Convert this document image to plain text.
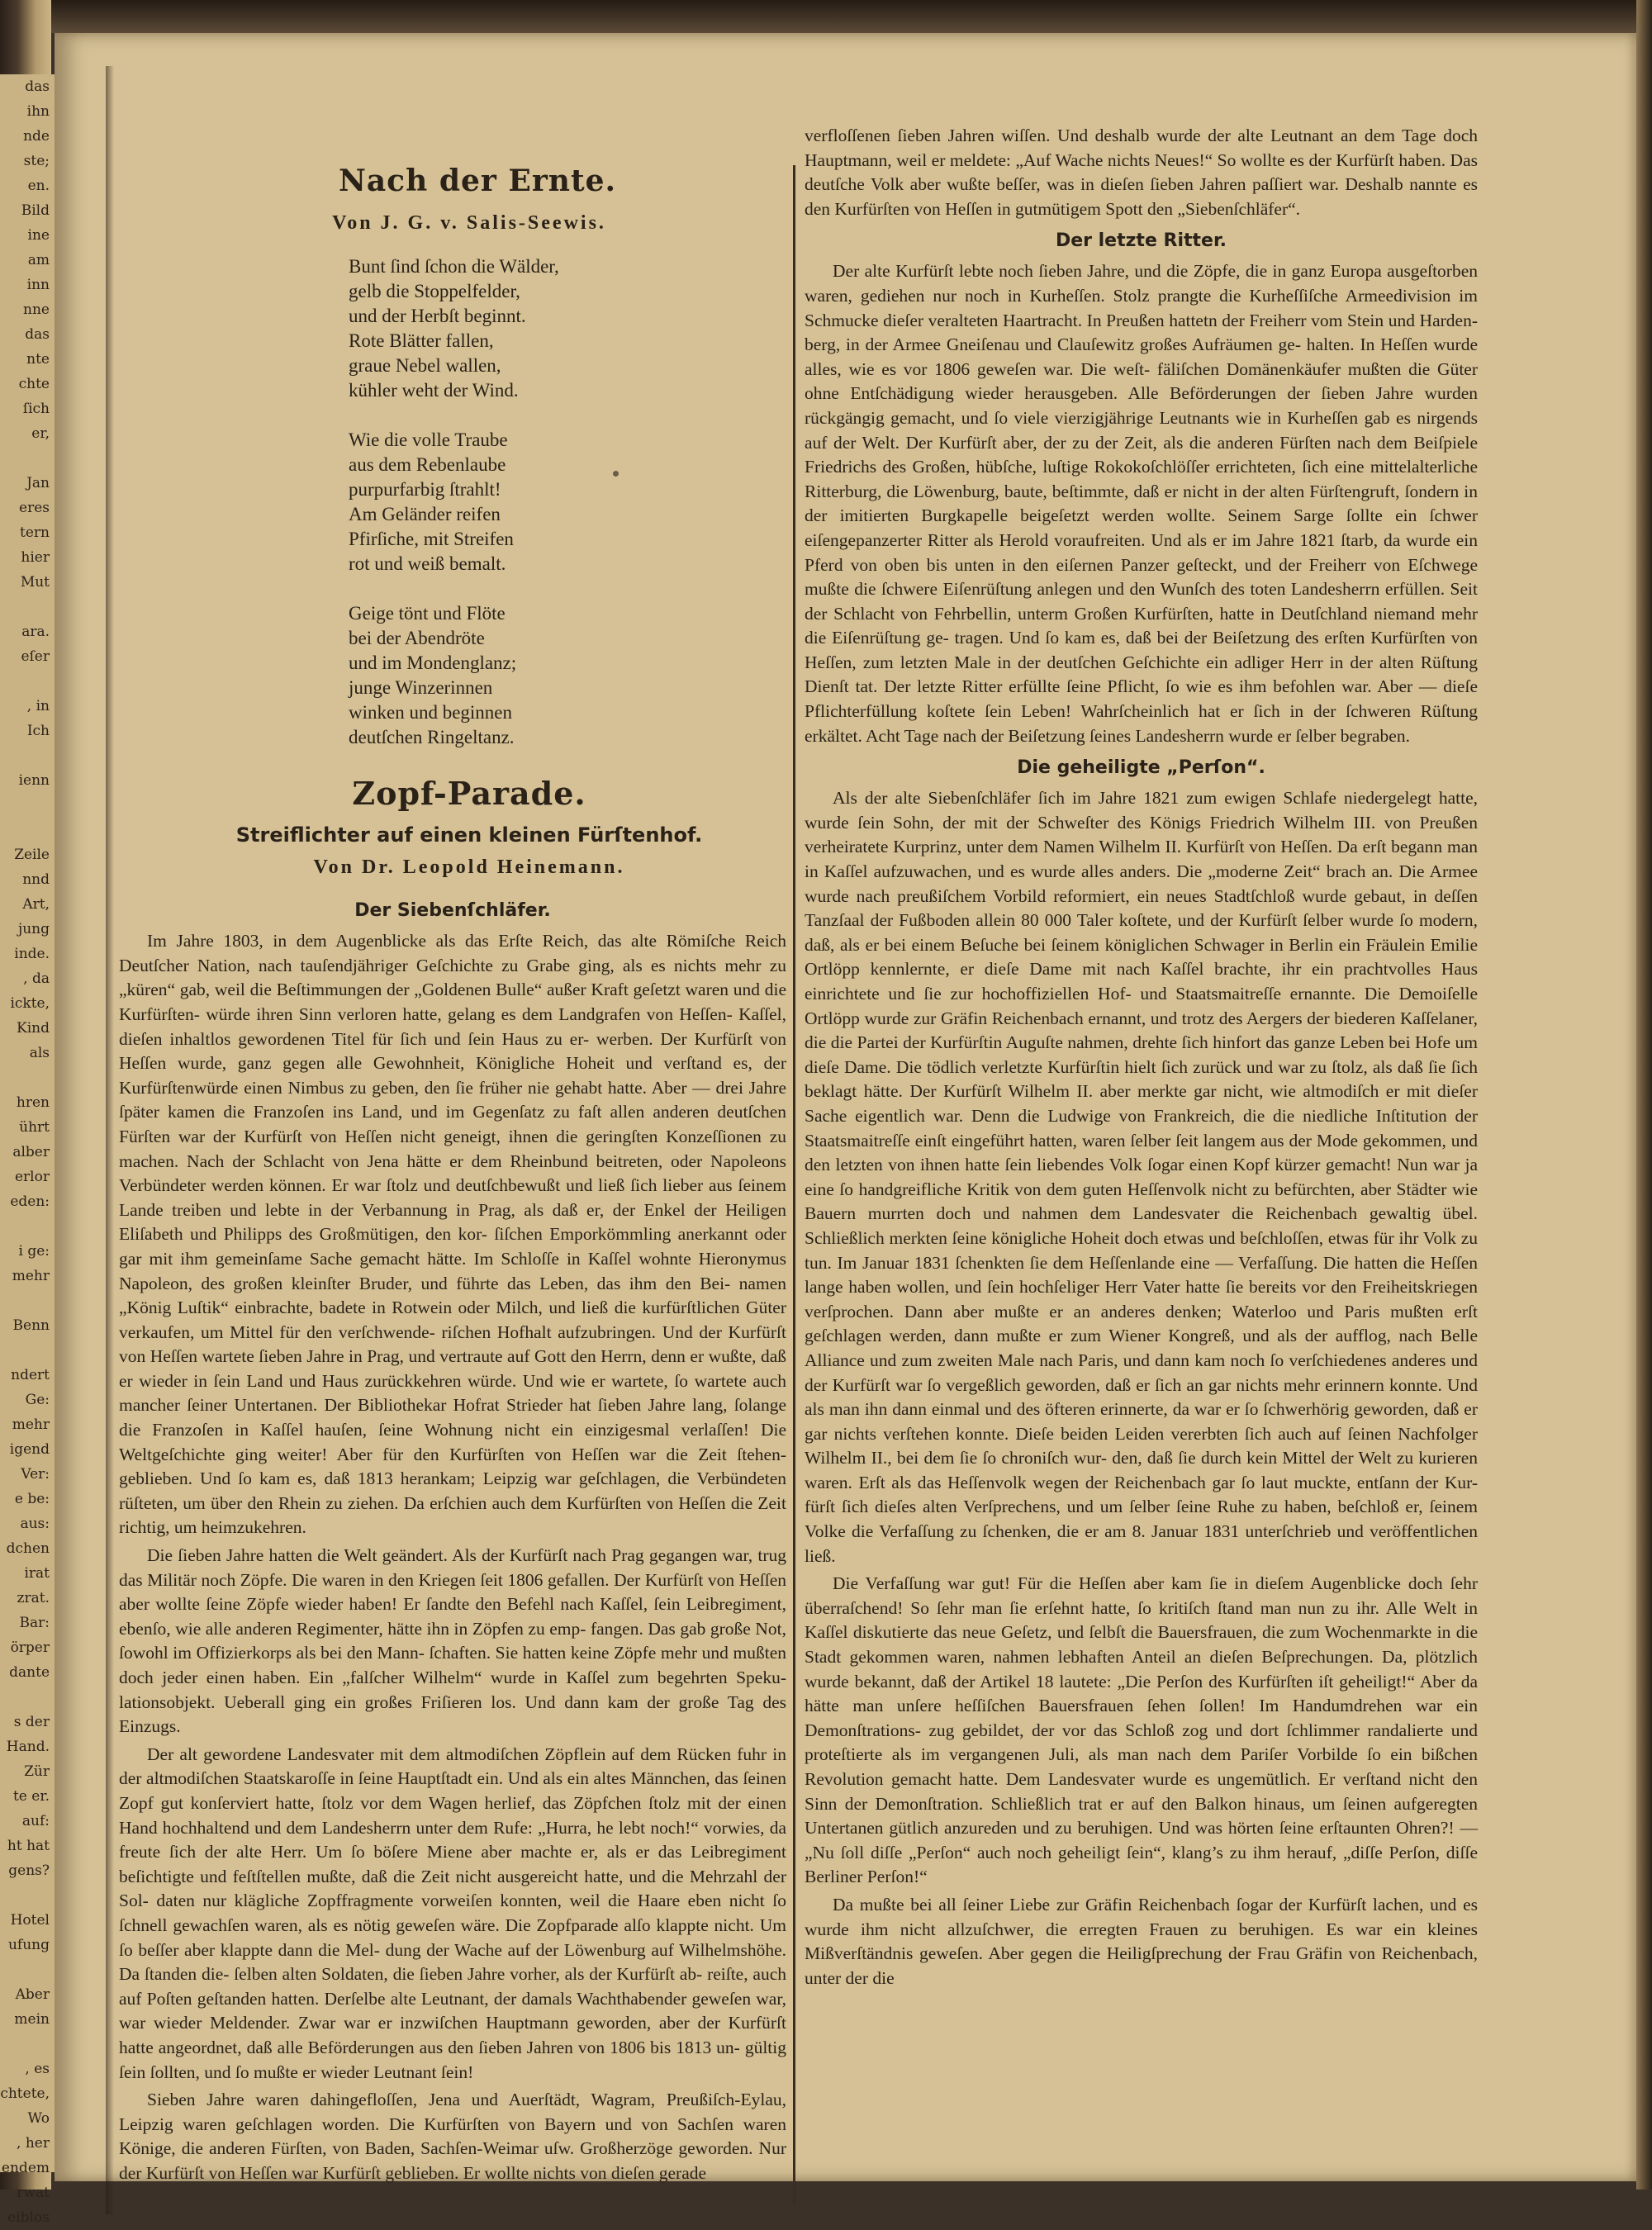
das
ihn
nde
ste;
en.
Bild
ine
am
inn
nne
das
nte
chte
ſich
er,

Jan
eres
tern
hier
Mut

ara.
eſer

, in
Ich

ienn

Zeile
nnd
Art,
jung
inde.
, da
ickte,
Kind
als

hren
ührt
alber
erlor
eden:

i ge:
mehr

Benn

ndert
Ge:
mehr
igend
Ver:
e be:
aus:
dchen
irat
zrat.
Bar:
örper
dante

s der
Hand.
Zür
te er.
auf:
ht hat
gens?

Hotel
ufung

Aber
mein

, es
chtete,
Wo
, her
endem
rwat
eiblos
Nach der Ernte.
Von J. G. v. Salis-Seewis.
Bunt ſind ſchon die Wälder,
gelb die Stoppelfelder,
und der Herbſt beginnt.
Rote Blätter fallen,
graue Nebel wallen,
kühler weht der Wind.
Wie die volle Traube
aus dem Rebenlaube
purpurfarbig ſtrahlt!
Am Geländer reifen
Pfirſiche, mit Streifen
rot und weiß bemalt.
Geige tönt und Flöte
bei der Abendröte
und im Mondenglanz;
junge Winzerinnen
winken und beginnen
deutſchen Ringeltanz.
Zopf-Parade.
Streiflichter auf einen kleinen Fürſtenhof.
Von Dr. Leopold Heinemann.
Der Siebenſchläfer.

Im Jahre 1803, in dem Augenblicke als das Erſte Reich, das alte Römiſche Reich Deutſcher Nation, nach tauſendjähriger Geſchichte zu Grabe ging, als es nichts mehr zu „küren“ gab, weil die Beſtimmungen der „Goldenen Bulle“ außer Kraft geſetzt waren und die Kurfürſten- würde ihren Sinn verloren hatte, gelang es dem Landgrafen von Heſſen- Kaſſel, dieſen inhaltlos gewordenen Titel für ſich und ſein Haus zu er- werben. Der Kurfürſt von Heſſen wurde, ganz gegen alle Gewohnheit, Königliche Hoheit und verſtand es, der Kurfürſtenwürde einen Nimbus zu geben, den ſie früher nie gehabt hatte. Aber — drei Jahre ſpäter kamen die Franzoſen ins Land, und im Gegenſatz zu faſt allen anderen deutſchen Fürſten war der Kurfürſt von Heſſen nicht geneigt, ihnen die geringſten Konzeſſionen zu machen. Nach der Schlacht von Jena hätte er dem Rheinbund beitreten, oder Napoleons Verbündeter werden können. Er war ſtolz und deutſchbewußt und ließ ſich lieber aus ſeinem Lande treiben und lebte in der Verbannung in Prag, als daß er, der Enkel der Heiligen Eliſabeth und Philipps des Großmütigen, den kor- ſiſchen Emporkömmling anerkannt oder gar mit ihm gemeinſame Sache gemacht hätte. Im Schloſſe in Kaſſel wohnte Hieronymus Napoleon, des großen kleinſter Bruder, und führte das Leben, das ihm den Bei- namen „König Luſtik“ einbrachte, badete in Rotwein oder Milch, und ließ die kurfürſtlichen Güter verkaufen, um Mittel für den verſchwende- riſchen Hofhalt aufzubringen. Und der Kurfürſt von Heſſen wartete ſieben Jahre in Prag, und vertraute auf Gott den Herrn, denn er wußte, daß er wieder in ſein Land und Haus zurückkehren würde. Und wie er wartete, ſo wartete auch mancher ſeiner Untertanen. Der Bibliothekar Hofrat Strieder hat ſieben Jahre lang, ſolange die Franzoſen in Kaſſel hauſen, ſeine Wohnung nicht ein einzigesmal verlaſſen! Die Weltgeſchichte ging weiter! Aber für den Kurfürſten von Heſſen war die Zeit ſtehen- geblieben. Und ſo kam es, daß 1813 herankam; Leipzig war geſchlagen, die Verbündeten rüſteten, um über den Rhein zu ziehen. Da erſchien auch dem Kurfürſten von Heſſen die Zeit richtig, um heimzukehren.

Die ſieben Jahre hatten die Welt geändert. Als der Kurfürſt nach Prag gegangen war, trug das Militär noch Zöpfe. Die waren in den Kriegen ſeit 1806 gefallen. Der Kurfürſt von Heſſen aber wollte ſeine Zöpfe wieder haben! Er ſandte den Befehl nach Kaſſel, ſein Leibregiment, ebenſo, wie alle anderen Regimenter, hätte ihn in Zöpfen zu emp- fangen. Das gab große Not, ſowohl im Offizierkorps als bei den Mann- ſchaften. Sie hatten keine Zöpfe mehr und mußten doch jeder einen haben. Ein „falſcher Wilhelm“ wurde in Kaſſel zum begehrten Speku- lationsobjekt. Ueberall ging ein großes Friſieren los. Und dann kam der große Tag des Einzugs.

Der alt gewordene Landesvater mit dem altmodiſchen Zöpflein auf dem Rücken fuhr in der altmodiſchen Staatskaroſſe in ſeine Hauptſtadt ein. Und als ein altes Männchen, das ſeinen Zopf gut konſerviert hatte, ſtolz vor dem Wagen herlief, das Zöpfchen ſtolz mit der einen Hand hochhaltend und dem Landesherrn unter dem Rufe: „Hurra, he lebt noch!“ vorwies, da freute ſich der alte Herr. Um ſo böſere Miene aber machte er, als er das Leibregiment beſichtigte und feſtſtellen mußte, daß die Zeit nicht ausgereicht hatte, und die Mehrzahl der Sol- daten nur klägliche Zopffragmente vorweiſen konnten, weil die Haare eben nicht ſo ſchnell gewachſen waren, als es nötig geweſen wäre. Die Zopfparade alſo klappte nicht. Um ſo beſſer aber klappte dann die Mel- dung der Wache auf der Löwenburg auf Wilhelmshöhe. Da ſtanden die- ſelben alten Soldaten, die ſieben Jahre vorher, als der Kurfürſt ab- reiſte, auch auf Poſten geſtanden hatten. Derſelbe alte Leutnant, der damals Wachthabender geweſen war, war wieder Meldender. Zwar war er inzwiſchen Hauptmann geworden, aber der Kurfürſt hatte angeordnet, daß alle Beförderungen aus den ſieben Jahren von 1806 bis 1813 un- gültig ſein ſollten, und ſo mußte er wieder Leutnant ſein!

Sieben Jahre waren dahingefloſſen, Jena und Auerſtädt, Wagram, Preußiſch-Eylau, Leipzig waren geſchlagen worden. Die Kurfürſten von Bayern und von Sachſen waren Könige, die anderen Fürſten, von Baden, Sachſen-Weimar uſw. Großherzöge geworden. Nur der Kurfürſt von Heſſen war Kurfürſt geblieben. Er wollte nichts von dieſen gerade

verfloſſenen ſieben Jahren wiſſen. Und deshalb wurde der alte Leutnant an dem Tage doch Hauptmann, weil er meldete: „Auf Wache nichts Neues!“ So wollte es der Kurfürſt haben. Das deutſche Volk aber wußte beſſer, was in dieſen ſieben Jahren paſſiert war. Deshalb nannte es den Kurfürſten von Heſſen in gutmütigem Spott den „Siebenſchläfer“.

Der letzte Ritter.

Der alte Kurfürſt lebte noch ſieben Jahre, und die Zöpfe, die in ganz Europa ausgeſtorben waren, gediehen nur noch in Kurheſſen. Stolz prangte die Kurheſſiſche Armeedivision im Schmucke dieſer veralteten Haartracht. In Preußen hattetn der Freiherr vom Stein und Harden- berg, in der Armee Gneiſenau und Clauſewitz großes Aufräumen ge- halten. In Heſſen wurde alles, wie es vor 1806 geweſen war. Die weſt- fäliſchen Domänenkäufer mußten die Güter ohne Entſchädigung wieder herausgeben. Alle Beförderungen der ſieben Jahre wurden rückgängig gemacht, und ſo viele vierzigjährige Leutnants wie in Kurheſſen gab es nirgends auf der Welt. Der Kurfürſt aber, der zu der Zeit, als die anderen Fürſten nach dem Beiſpiele Friedrichs des Großen, hübſche, luſtige Rokokoſchlöſſer errichteten, ſich eine mittelalterliche Ritterburg, die Löwenburg, baute, beſtimmte, daß er nicht in der alten Fürſtengruft, ſondern in der imitierten Burgkapelle beigeſetzt werden wollte. Seinem Sarge ſollte ein ſchwer eiſengepanzerter Ritter als Herold voraufreiten. Und als er im Jahre 1821 ſtarb, da wurde ein Pferd von oben bis unten in den eiſernen Panzer geſteckt, und der Freiherr von Eſchwege mußte die ſchwere Eiſenrüſtung anlegen und den Wunſch des toten Landesherrn erfüllen. Seit der Schlacht von Fehrbellin, unterm Großen Kurfürſten, hatte in Deutſchland niemand mehr die Eiſenrüſtung ge- tragen. Und ſo kam es, daß bei der Beiſetzung des erſten Kurfürſten von Heſſen, zum letzten Male in der deutſchen Geſchichte ein adliger Herr in der alten Rüſtung Dienſt tat. Der letzte Ritter erfüllte ſeine Pflicht, ſo wie es ihm befohlen war. Aber — dieſe Pflichterfüllung koſtete ſein Leben! Wahrſcheinlich hat er ſich in der ſchweren Rüſtung erkältet. Acht Tage nach der Beiſetzung ſeines Landesherrn wurde er ſelber begraben.

Die geheiligte „Perſon“.

Als der alte Siebenſchläfer ſich im Jahre 1821 zum ewigen Schlafe niedergelegt hatte, wurde ſein Sohn, der mit der Schweſter des Königs Friedrich Wilhelm III. von Preußen verheiratete Kurprinz, unter dem Namen Wilhelm II. Kurfürſt von Heſſen. Da erſt begann man in Kaſſel aufzuwachen, und es wurde alles anders. Die „moderne Zeit“ brach an. Die Armee wurde nach preußiſchem Vorbild reformiert, ein neues Stadtſchloß wurde gebaut, in deſſen Tanzſaal der Fußboden allein 80 000 Taler koſtete, und der Kurfürſt ſelber wurde ſo modern, daß, als er bei einem Beſuche bei ſeinem königlichen Schwager in Berlin ein Fräulein Emilie Ortlöpp kennlernte, er dieſe Dame mit nach Kaſſel brachte, ihr ein prachtvolles Haus einrichtete und ſie zur hochoffiziellen Hof- und Staatsmaitreſſe ernannte. Die Demoiſelle Ortlöpp wurde zur Gräfin Reichenbach ernannt, und trotz des Aergers der biederen Kaſſelaner, die die Partei der Kurfürſtin Auguſte nahmen, drehte ſich hinfort das ganze Leben bei Hofe um dieſe Dame. Die tödlich verletzte Kurfürſtin hielt ſich zurück und war zu ſtolz, als daß ſie ſich beklagt hätte. Der Kurfürſt Wilhelm II. aber merkte gar nicht, wie altmodiſch er mit dieſer Sache eigentlich war. Denn die Ludwige von Frankreich, die die niedliche Inſtitution der Staatsmaitreſſe einſt eingeführt hatten, waren ſelber ſeit langem aus der Mode gekommen, und den letzten von ihnen hatte ſein liebendes Volk ſogar einen Kopf kürzer gemacht! Nun war ja eine ſo handgreifliche Kritik von dem guten Heſſenvolk nicht zu befürchten, aber Städter wie Bauern murrten doch und nahmen dem Landesvater die Reichenbach gewaltig übel. Schließlich merkten ſeine königliche Hoheit doch etwas und beſchloſſen, etwas für ihr Volk zu tun. Im Januar 1831 ſchenkten ſie dem Heſſenlande eine — Verfaſſung. Die hatten die Heſſen lange haben wollen, und ſein hochſeliger Herr Vater hatte ſie bereits vor den Freiheitskriegen verſprochen. Dann aber mußte er an anderes denken; Waterloo und Paris mußten erſt geſchlagen werden, dann mußte er zum Wiener Kongreß, und als der aufflog, nach Belle Alliance und zum zweiten Male nach Paris, und dann kam noch ſo verſchiedenes anderes und der Kurfürſt war ſo vergeßlich geworden, daß er ſich an gar nichts mehr erinnern konnte. Und als man ihn dann einmal und des öfteren erinnerte, da war er ſo ſchwerhörig geworden, daß er gar nichts verſtehen konnte. Dieſe beiden Leiden vererbten ſich auch auf ſeinen Nachfolger Wilhelm II., bei dem ſie ſo chroniſch wur- den, daß ſie durch kein Mittel der Welt zu kurieren waren. Erſt als das Heſſenvolk wegen der Reichenbach gar ſo laut muckte, entſann der Kur- fürſt ſich dieſes alten Verſprechens, und um ſelber ſeine Ruhe zu haben, beſchloß er, ſeinem Volke die Verfaſſung zu ſchenken, die er am 8. Januar 1831 unterſchrieb und veröffentlichen ließ.

Die Verfaſſung war gut! Für die Heſſen aber kam ſie in dieſem Augenblicke doch ſehr überraſchend! So ſehr man ſie erſehnt hatte, ſo kritiſch ſtand man nun zu ihr. Alle Welt in Kaſſel diskutierte das neue Geſetz, und ſelbſt die Bauersfrauen, die zum Wochenmarkte in die Stadt gekommen waren, nahmen lebhaften Anteil an dieſen Beſprechungen. Da, plötzlich wurde bekannt, daß der Artikel 18 lautete: „Die Perſon des Kurfürſten iſt geheiligt!“ Aber da hätte man unſere heſſiſchen Bauersfrauen ſehen ſollen! Im Handumdrehen war ein Demonſtrations- zug gebildet, der vor das Schloß zog und dort ſchlimmer randalierte und proteſtierte als im vergangenen Juli, als man nach dem Pariſer Vorbilde ſo ein bißchen Revolution gemacht hatte. Dem Landesvater wurde es ungemütlich. Er verſtand nicht den Sinn der Demonſtration. Schließlich trat er auf den Balkon hinaus, um ſeinen aufgeregten Untertanen gütlich anzureden und zu beruhigen. Und was hörten ſeine erſtaunten Ohren?! — „Nu ſoll diſſe „Perſon“ auch noch geheiligt ſein“, klang’s zu ihm herauf, „diſſe Perſon, diſſe Berliner Perſon!“

Da mußte bei all ſeiner Liebe zur Gräfin Reichenbach ſogar der Kurfürſt lachen, und es wurde ihm nicht allzuſchwer, die erregten Frauen zu beruhigen. Es war ein kleines Mißverſtändnis geweſen. Aber gegen die Heiligſprechung der Frau Gräfin von Reichenbach, unter der die
